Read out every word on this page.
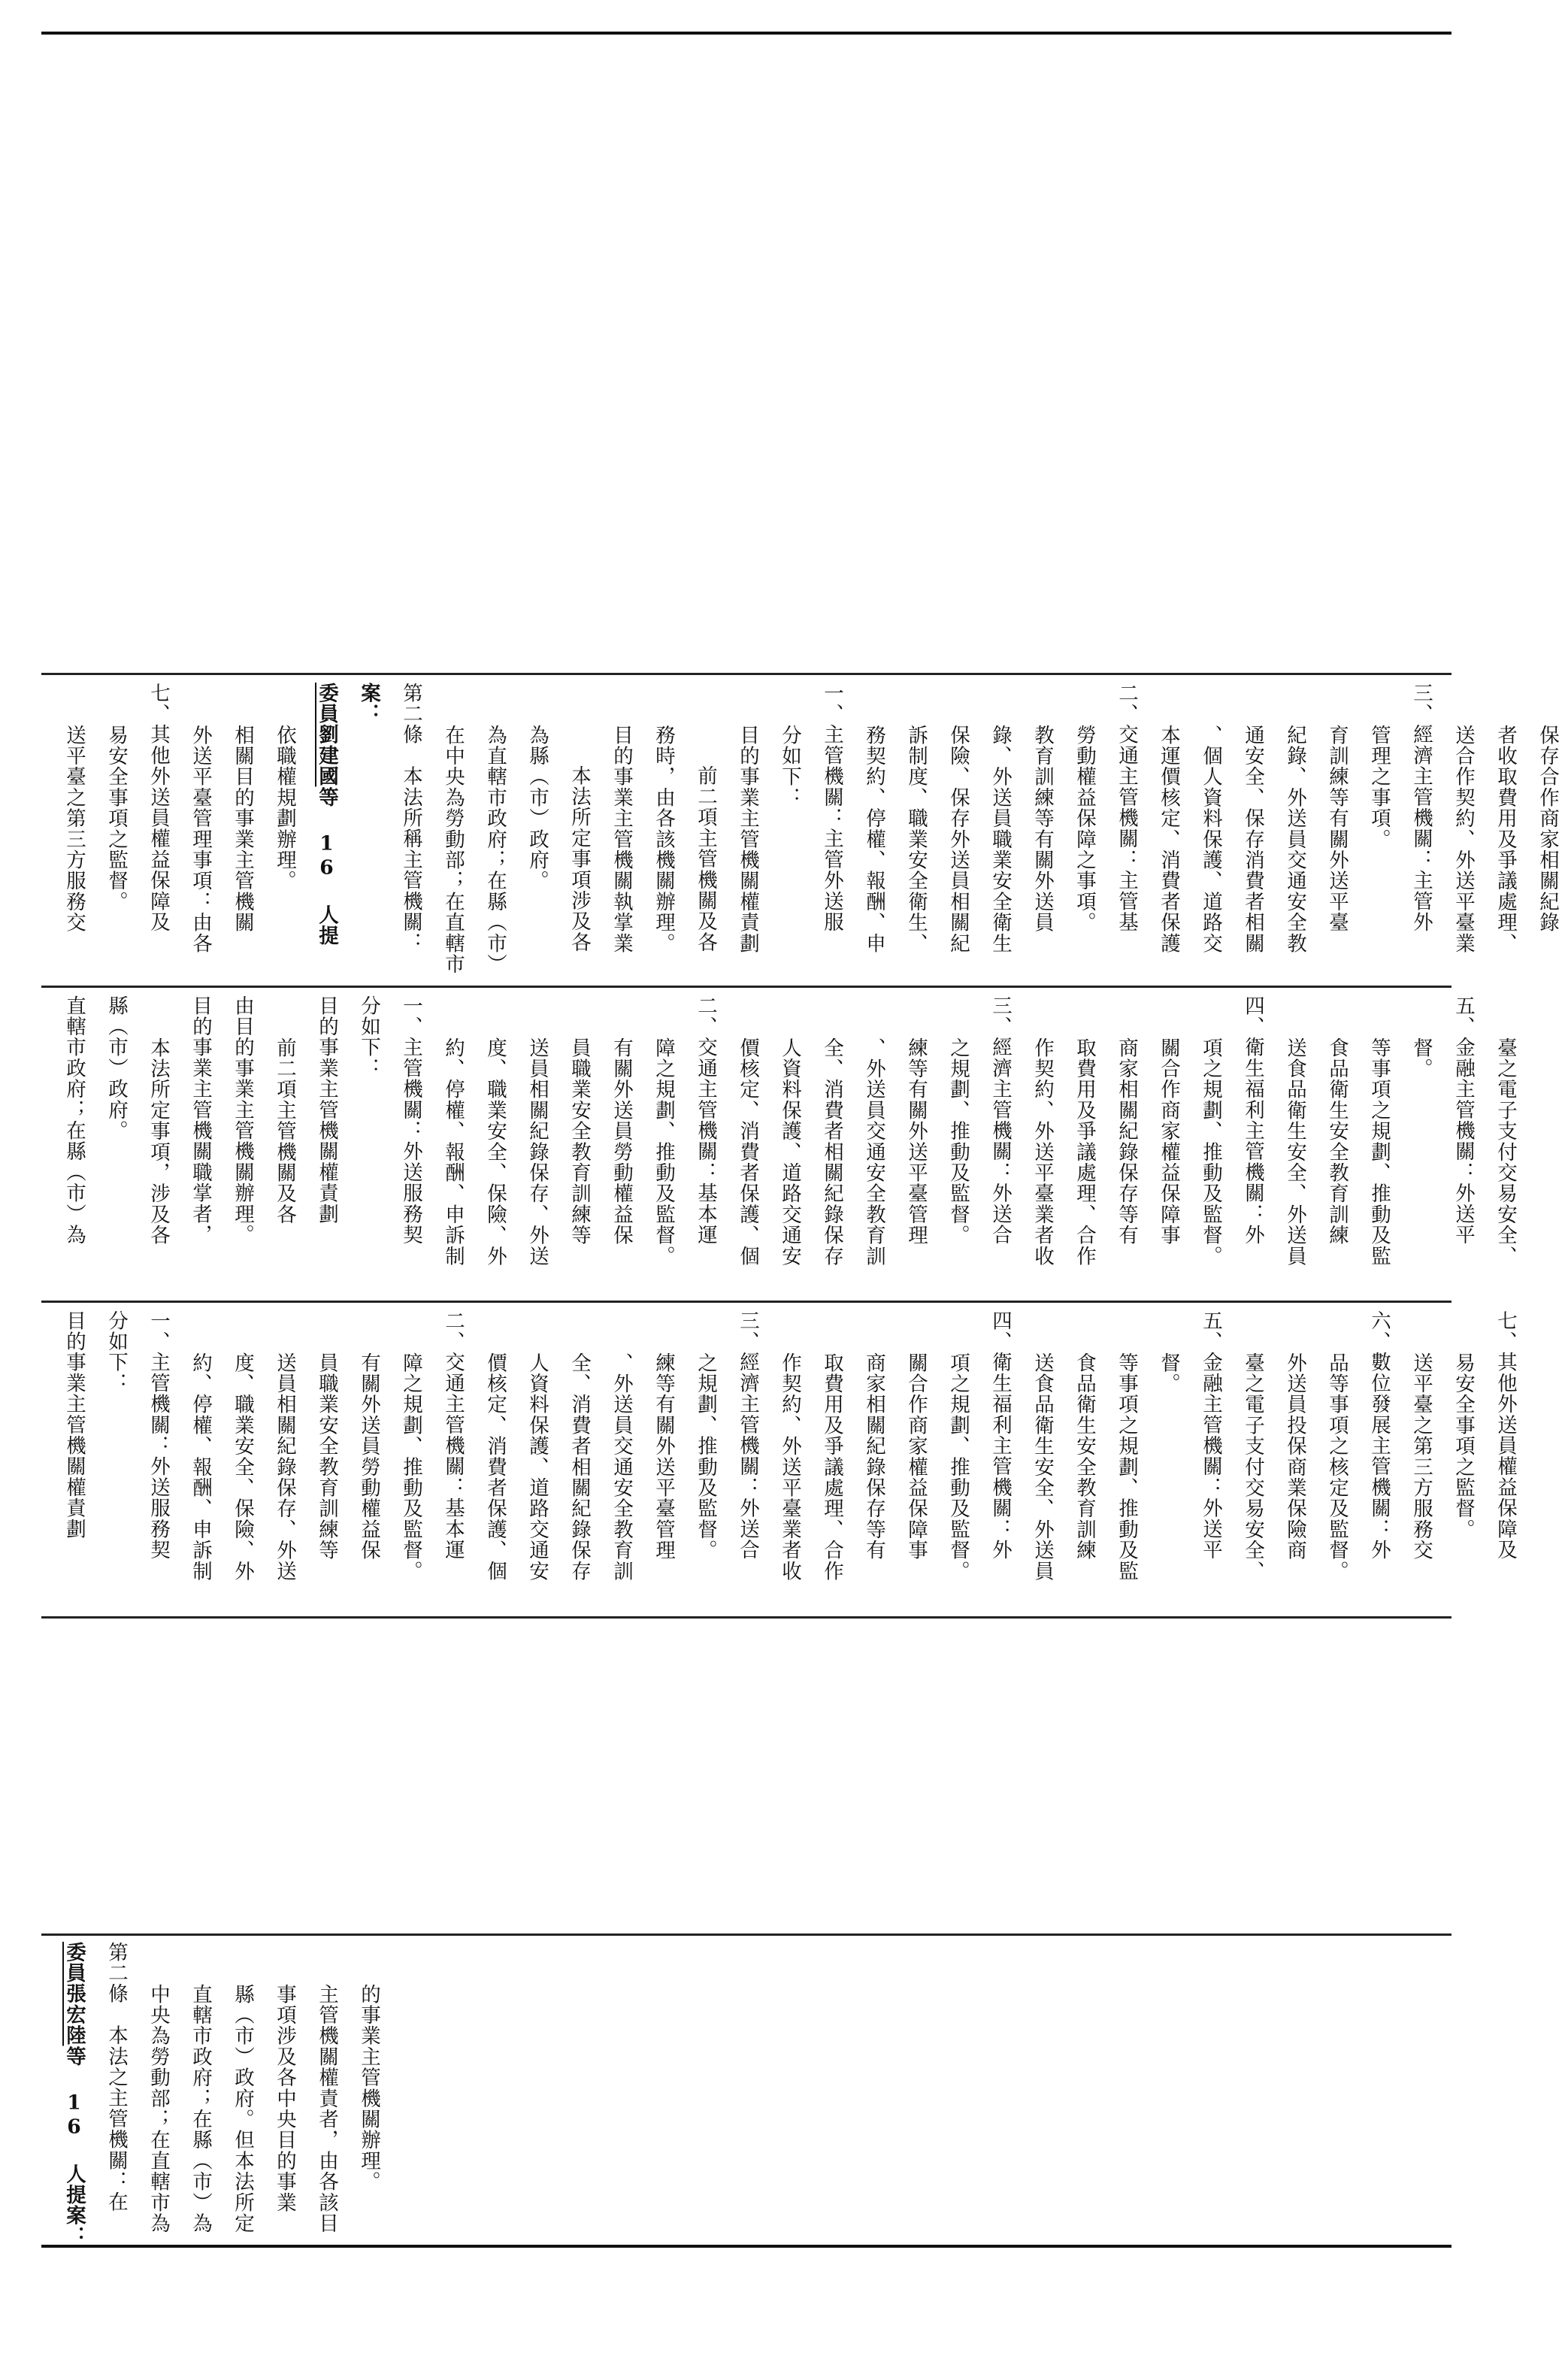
委員張宏陸等 16 人提案： 第二條　本法之主管機關：在 中央為勞動部；在直轄市為 直轄市政府；在縣（市）為 縣（市）政府。但本法所定 事項涉及各中央目的事業 主管機關權責者，由各該目 的事業主管機關辦理。

目的事業主管機關權責劃 分如下： 一、主管機關：外送服務契 約、停權、報酬、申訴制 度、職業安全、保險、外 送員相關紀錄保存、外送 員職業安全教育訓練等 有關外送員勞動權益保 障之規劃、推動及監督。 二、交通主管機關：基本運 價核定、消費者保護、個 人資料保護、道路交通安 全、消費者相關紀錄保存 、外送員交通安全教育訓 練等有關外送平臺管理 之規劃、推動及監督。 三、經濟主管機關：外送合 作契約、外送平臺業者收 取費用及爭議處理、合作 商家相關紀錄保存等有 關合作商家權益保障事 項之規劃、推動及監督。 四、衛生福利主管機關：外 送食品衛生安全、外送員 食品衛生安全教育訓練 等事項之規劃、推動及監 督。 五、金融主管機關：外送平 臺之電子支付交易安全、 外送員投保商業保險商 品等事項之核定及監督。 六、數位發展主管機關：外 送平臺之第三方服務交 易安全事項之監督。 七、其他外送員權益保障及

直轄市政府；在縣（市）為 縣（市）政府。 本法所定事項，涉及各 目的事業主管機關職掌者， 由目的事業主管機關辦理。 前二項主管機關及各 目的事業主管機關權責劃 分如下： 一、主管機關：外送服務契 約、停權、報酬、申訴制 度、職業安全、保險、外 送員相關紀錄保存、外送 員職業安全教育訓練等 有關外送員勞動權益保 障之規劃、推動及監督。 二、交通主管機關：基本運 價核定、消費者保護、個 人資料保護、道路交通安 全、消費者相關紀錄保存 、外送員交通安全教育訓 練等有關外送平臺管理 之規劃、推動及監督。 三、經濟主管機關：外送合 作契約、外送平臺業者收 取費用及爭議處理、合作 商家相關紀錄保存等有 關合作商家權益保障事 項之規劃、推動及監督。 四、衛生福利主管機關：外 送食品衛生安全、外送員 食品衛生安全教育訓練 等事項之規劃、推動及監 督。 五、金融主管機關：外送平 臺之電子支付交易安全、

送平臺之第三方服務交 易安全事項之監督。 七、其他外送員權益保障及 外送平臺管理事項：由各 相關目的事業主管機關 依職權規劃辦理。 委員劉建國等 16 人提案： 第二條　本法所稱主管機關： 在中央為勞動部；在直轄市 為直轄市政府；在縣（市） 為縣（市）政府。 本法所定事項涉及各 目的事業主管機關執掌業 務時，由各該機關辦理。 前二項主管機關及各 目的事業主管機關權責劃 分如下： 一、主管機關：主管外送服 務契約、停權、報酬、申 訴制度、職業安全衛生、 保險、保存外送員相關紀 錄、外送員職業安全衛生 教育訓練等有關外送員 勞動權益保障之事項。 二、交通主管機關：主管基 本運價核定、消費者保護 、個人資料保護、道路交 通安全、保存消費者相關 紀錄、外送員交通安全教 育訓練等有關外送平臺 管理之事項。 三、經濟主管機關：主管外 送合作契約、外送平臺業 者收取費用及爭議處理、 保存合作商家相關紀錄
